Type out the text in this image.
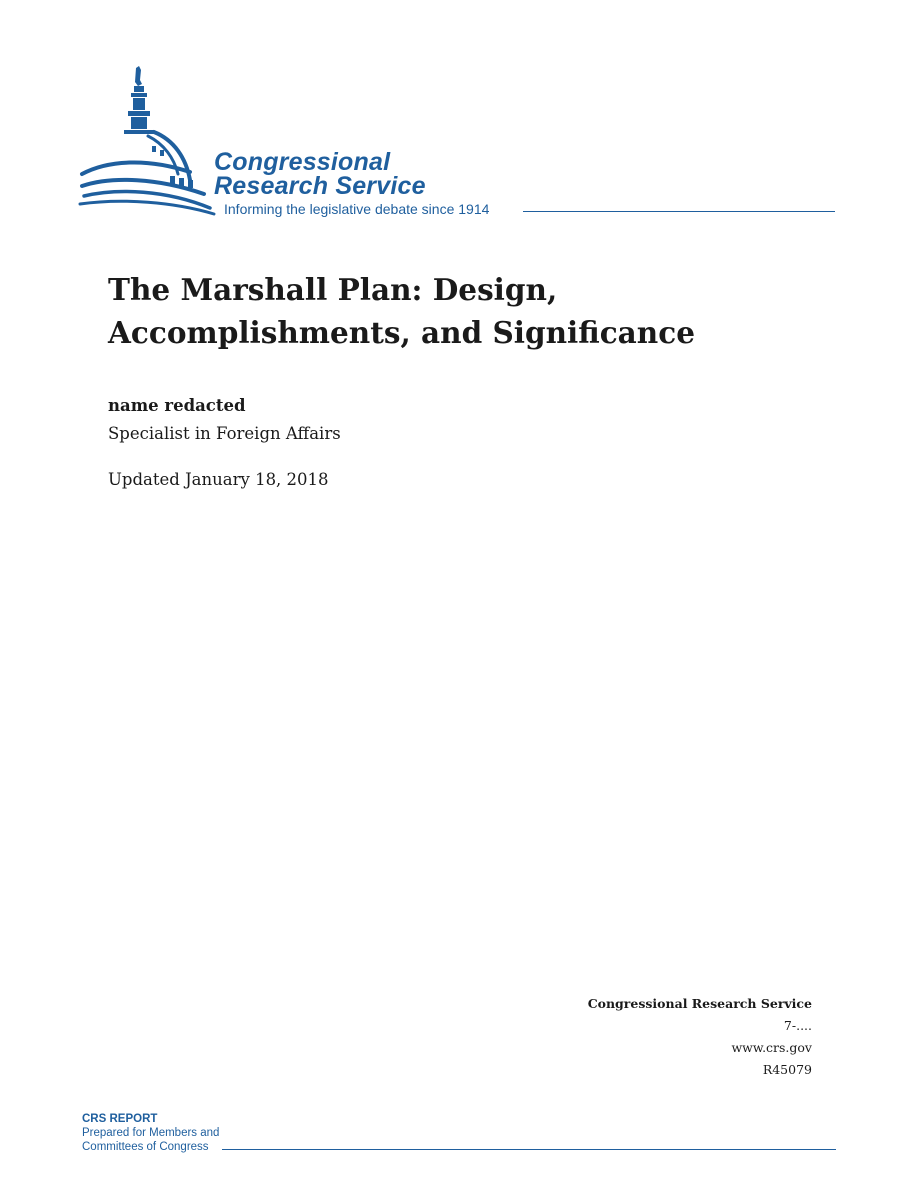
Congressional
Research Service
Informing the legislative debate since 1914
The Marshall Plan: Design, Accomplishments, and Significance
name redacted
Specialist in Foreign Affairs
Updated January 18, 2018
Congressional Research Service
7-....
www.crs.gov
R45079
CRS REPORT
Prepared for Members and
Committees of Congress
